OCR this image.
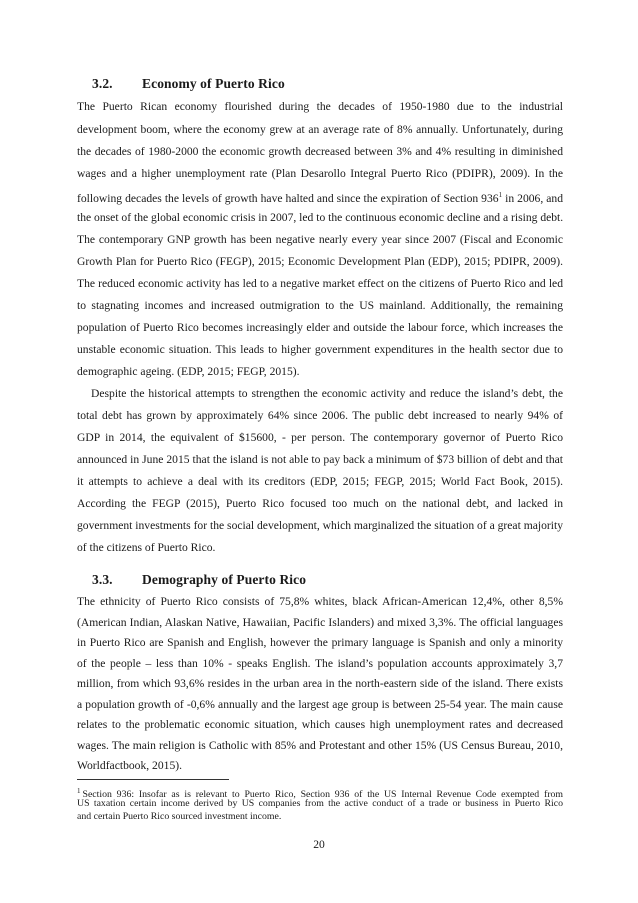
3.2. Economy of Puerto Rico
The Puerto Rican economy flourished during the decades of 1950-1980 due to the industrial
development boom, where the economy grew at an average rate of 8% annually. Unfortunately, during
the decades of 1980-2000 the economic growth decreased between 3% and 4% resulting in diminished
wages and a higher unemployment rate (Plan Desarollo Integral Puerto Rico (PDIPR), 2009). In the
following decades the levels of growth have halted and since the expiration of Section $936^1$ in 2006, and
the onset of the global economic crisis in 2007, led to the continuous economic decline and a rising debt.
The contemporary GNP growth has been negative nearly every year since 2007 (Fiscal and Economic
Growth Plan for Puerto Rico (FEGP), 2015; Economic Development Plan (EDP), 2015; PDIPR, 2009).
The reduced economic activity has led to a negative market effect on the citizens of Puerto Rico and led
to stagnating incomes and increased outmigration to the US mainland. Additionally, the remaining
population of Puerto Rico becomes increasingly elder and outside the labour force, which increases the
unstable economic situation. This leads to higher government expenditures in the health sector due to
demographic ageing. (EDP, 2015; FEGP, 2015).
Despite the historical attempts to strengthen the economic activity and reduce the island’s debt, the
total debt has grown by approximately 64% since 2006. The public debt increased to nearly 94% of
GDP in 2014, the equivalent of $15600, - per person. The contemporary governor of Puerto Rico
announced in June 2015 that the island is not able to pay back a minimum of $73 billion of debt and that
it attempts to achieve a deal with its creditors (EDP, 2015; FEGP, 2015; World Fact Book, 2015).
According the FEGP (2015), Puerto Rico focused too much on the national debt, and lacked in
government investments for the social development, which marginalized the situation of a great majority
of the citizens of Puerto Rico.
3.3. Demography of Puerto Rico
The ethnicity of Puerto Rico consists of 75,8% whites, black African-American 12,4%, other 8,5%
(American Indian, Alaskan Native, Hawaiian, Pacific Islanders) and mixed 3,3%. The official languages
in Puerto Rico are Spanish and English, however the primary language is Spanish and only a minority
of the people – less than 10% - speaks English. The island’s population accounts approximately 3,7
million, from which 93,6% resides in the urban area in the north-eastern side of the island. There exists
a population growth of -0,6% annually and the largest age group is between 25-54 year. The main cause
relates to the problematic economic situation, which causes high unemployment rates and decreased
wages. The main religion is Catholic with 85% and Protestant and other 15% (US Census Bureau, 2010,
$^1$ Section 936: Insofar as is relevant to Puerto Rico, Section 936 of the US Internal Revenue Code exempted from
US taxation certain income derived by US companies from the active conduct of a trade or business in Puerto Rico
and certain Puerto Rico sourced investment income.
20
Worldfactbook, 2015).
